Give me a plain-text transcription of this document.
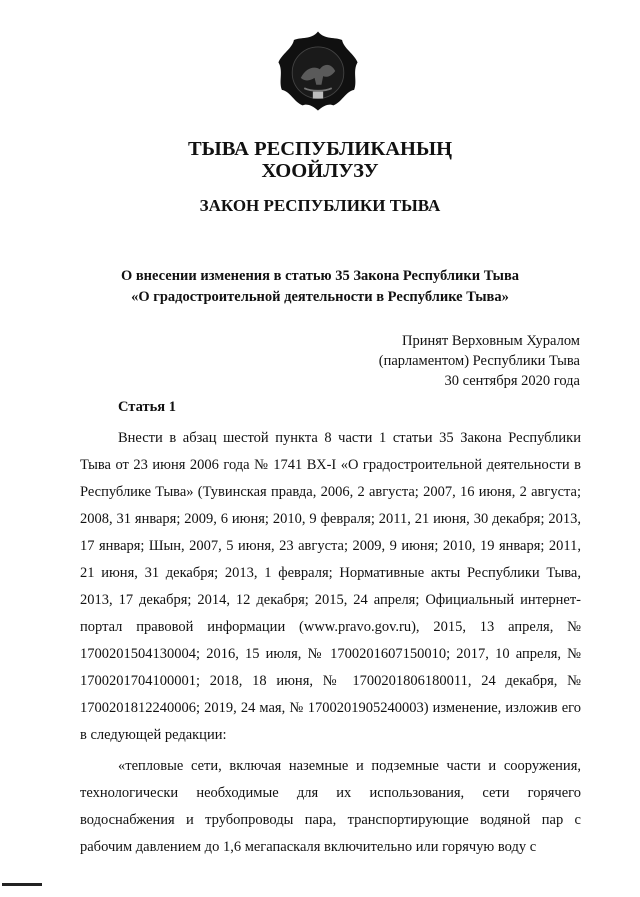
ТЫВА РЕСПУБЛИКАНЫҢ
ХООЙЛУЗУ
ЗАКОН РЕСПУБЛИКИ ТЫВА
О внесении изменения в статью 35 Закона Республики Тыва
«О градостроительной деятельности в Республике Тыва»
Принят Верховным Хуралом
(парламентом) Республики Тыва
30 сентября 2020 года
Статья 1

Внести в абзац шестой пункта 8 части 1 статьи 35 Закона Республики Тыва от 23 июня 2006 года № 1741 ВХ-I «О градостроительной деятельности в Республике Тыва» (Тувинская правда, 2006, 2 августа; 2007, 16 июня, 2 августа; 2008, 31 января; 2009, 6 июня; 2010, 9 февраля; 2011, 21 июня, 30 декабря; 2013, 17 января; Шын, 2007, 5 июня, 23 августа; 2009, 9 июня; 2010, 19 января; 2011, 21 июня, 31 декабря; 2013, 1 февраля; Нормативные акты Республики Тыва, 2013, 17 декабря; 2014, 12 декабря; 2015, 24 апреля; Официальный интернет-портал правовой информации (www.pravo.gov.ru), 2015, 13 апреля, № 1700201504130004; 2016, 15 июля, № 1700201607150010; 2017, 10 апреля, № 1700201704100001; 2018, 18 июня, № 1700201806180011, 24 декабря, № 1700201812240006; 2019, 24 мая, № 1700201905240003) изменение, изложив его в следующей редакции:

«тепловые сети, включая наземные и подземные части и сооружения, технологически необходимые для их использования, сети горячего водоснабжения и трубопроводы пара, транспортирующие водяной пар с рабочим давлением до 1,6 мегапаскаля включительно или горячую воду с
